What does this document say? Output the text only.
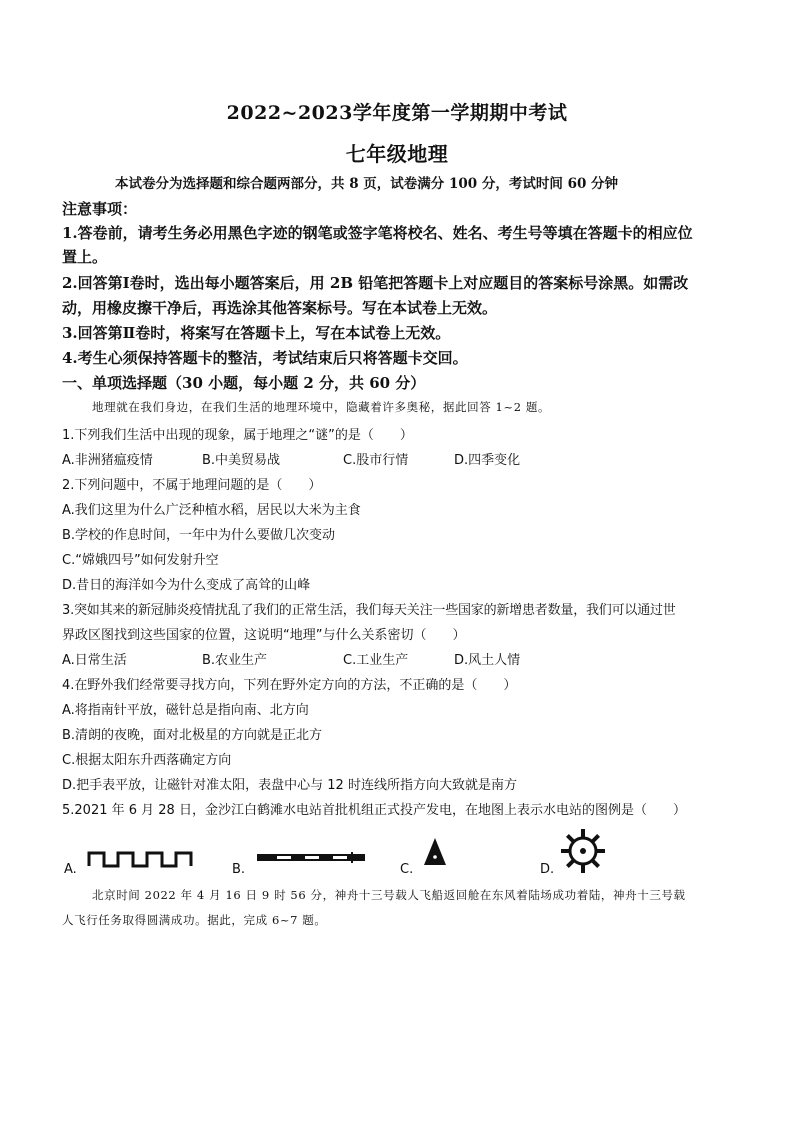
2022~2023学年度第一学期期中考试
七年级地理
本试卷分为选择题和综合题两部分，共 8 页，试卷满分 100 分，考试时间 60 分钟
注意事项：
1.答卷前，请考生务必用黑色字迹的钢笔或签字笔将校名、姓名、考生号等填在答题卡的相应位
置上。
2.回答第Ⅰ卷时，选出每小题答案后，用 2B 铅笔把答题卡上对应题目的答案标号涂黑。如需改
动，用橡皮擦干净后，再选涂其他答案标号。写在本试卷上无效。
3.回答第Ⅱ卷时，将案写在答题卡上，写在本试卷上无效。
4.考生心须保持答题卡的整洁，考试结束后只将答题卡交回。
一、单项选择题（30 小题，每小题 2 分，共 60 分）
地理就在我们身边，在我们生活的地理环境中，隐藏着许多奥秘，据此回答 1~2 题。
1.下列我们生活中出现的现象，属于地理之“谜”的是（　　）
A.非洲猪瘟疫情	B.中美贸易战	C.股市行情	D.四季变化
2.下列问题中，不属于地理问题的是（　　）
A.我们这里为什么广泛种植水稻，居民以大米为主食
B.学校的作息时间，一年中为什么要做几次变动
C.“嫦娥四号”如何发射升空
D.昔日的海洋如今为什么变成了高耸的山峰
3.突如其来的新冠肺炎疫情扰乱了我们的正常生活，我们每天关注一些国家的新增患者数量，我们可以通过世
界政区图找到这些国家的位置，这说明“地理”与什么关系密切（　　）
A.日常生活	B.农业生产	C.工业生产	D.风土人情
4.在野外我们经常要寻找方向，下列在野外定方向的方法，不正确的是（　　）
A.将指南针平放，磁针总是指向南、北方向
B.清朗的夜晚，面对北极星的方向就是正北方
C.根据太阳东升西落确定方向
D.把手表平放，让磁针对准太阳，表盘中心与 12 时连线所指方向大致就是南方
5.2021 年 6 月 28 日，金沙江白鹤滩水电站首批机组正式投产发电，在地图上表示水电站的图例是（　　）
A.	B.	C.	D.
北京时间 2022 年 4 月 16 日 9 时 56 分，神舟十三号载人飞船返回舱在东风着陆场成功着陆，神舟十三号载
人飞行任务取得圆满成功。据此，完成 6~7 题。
